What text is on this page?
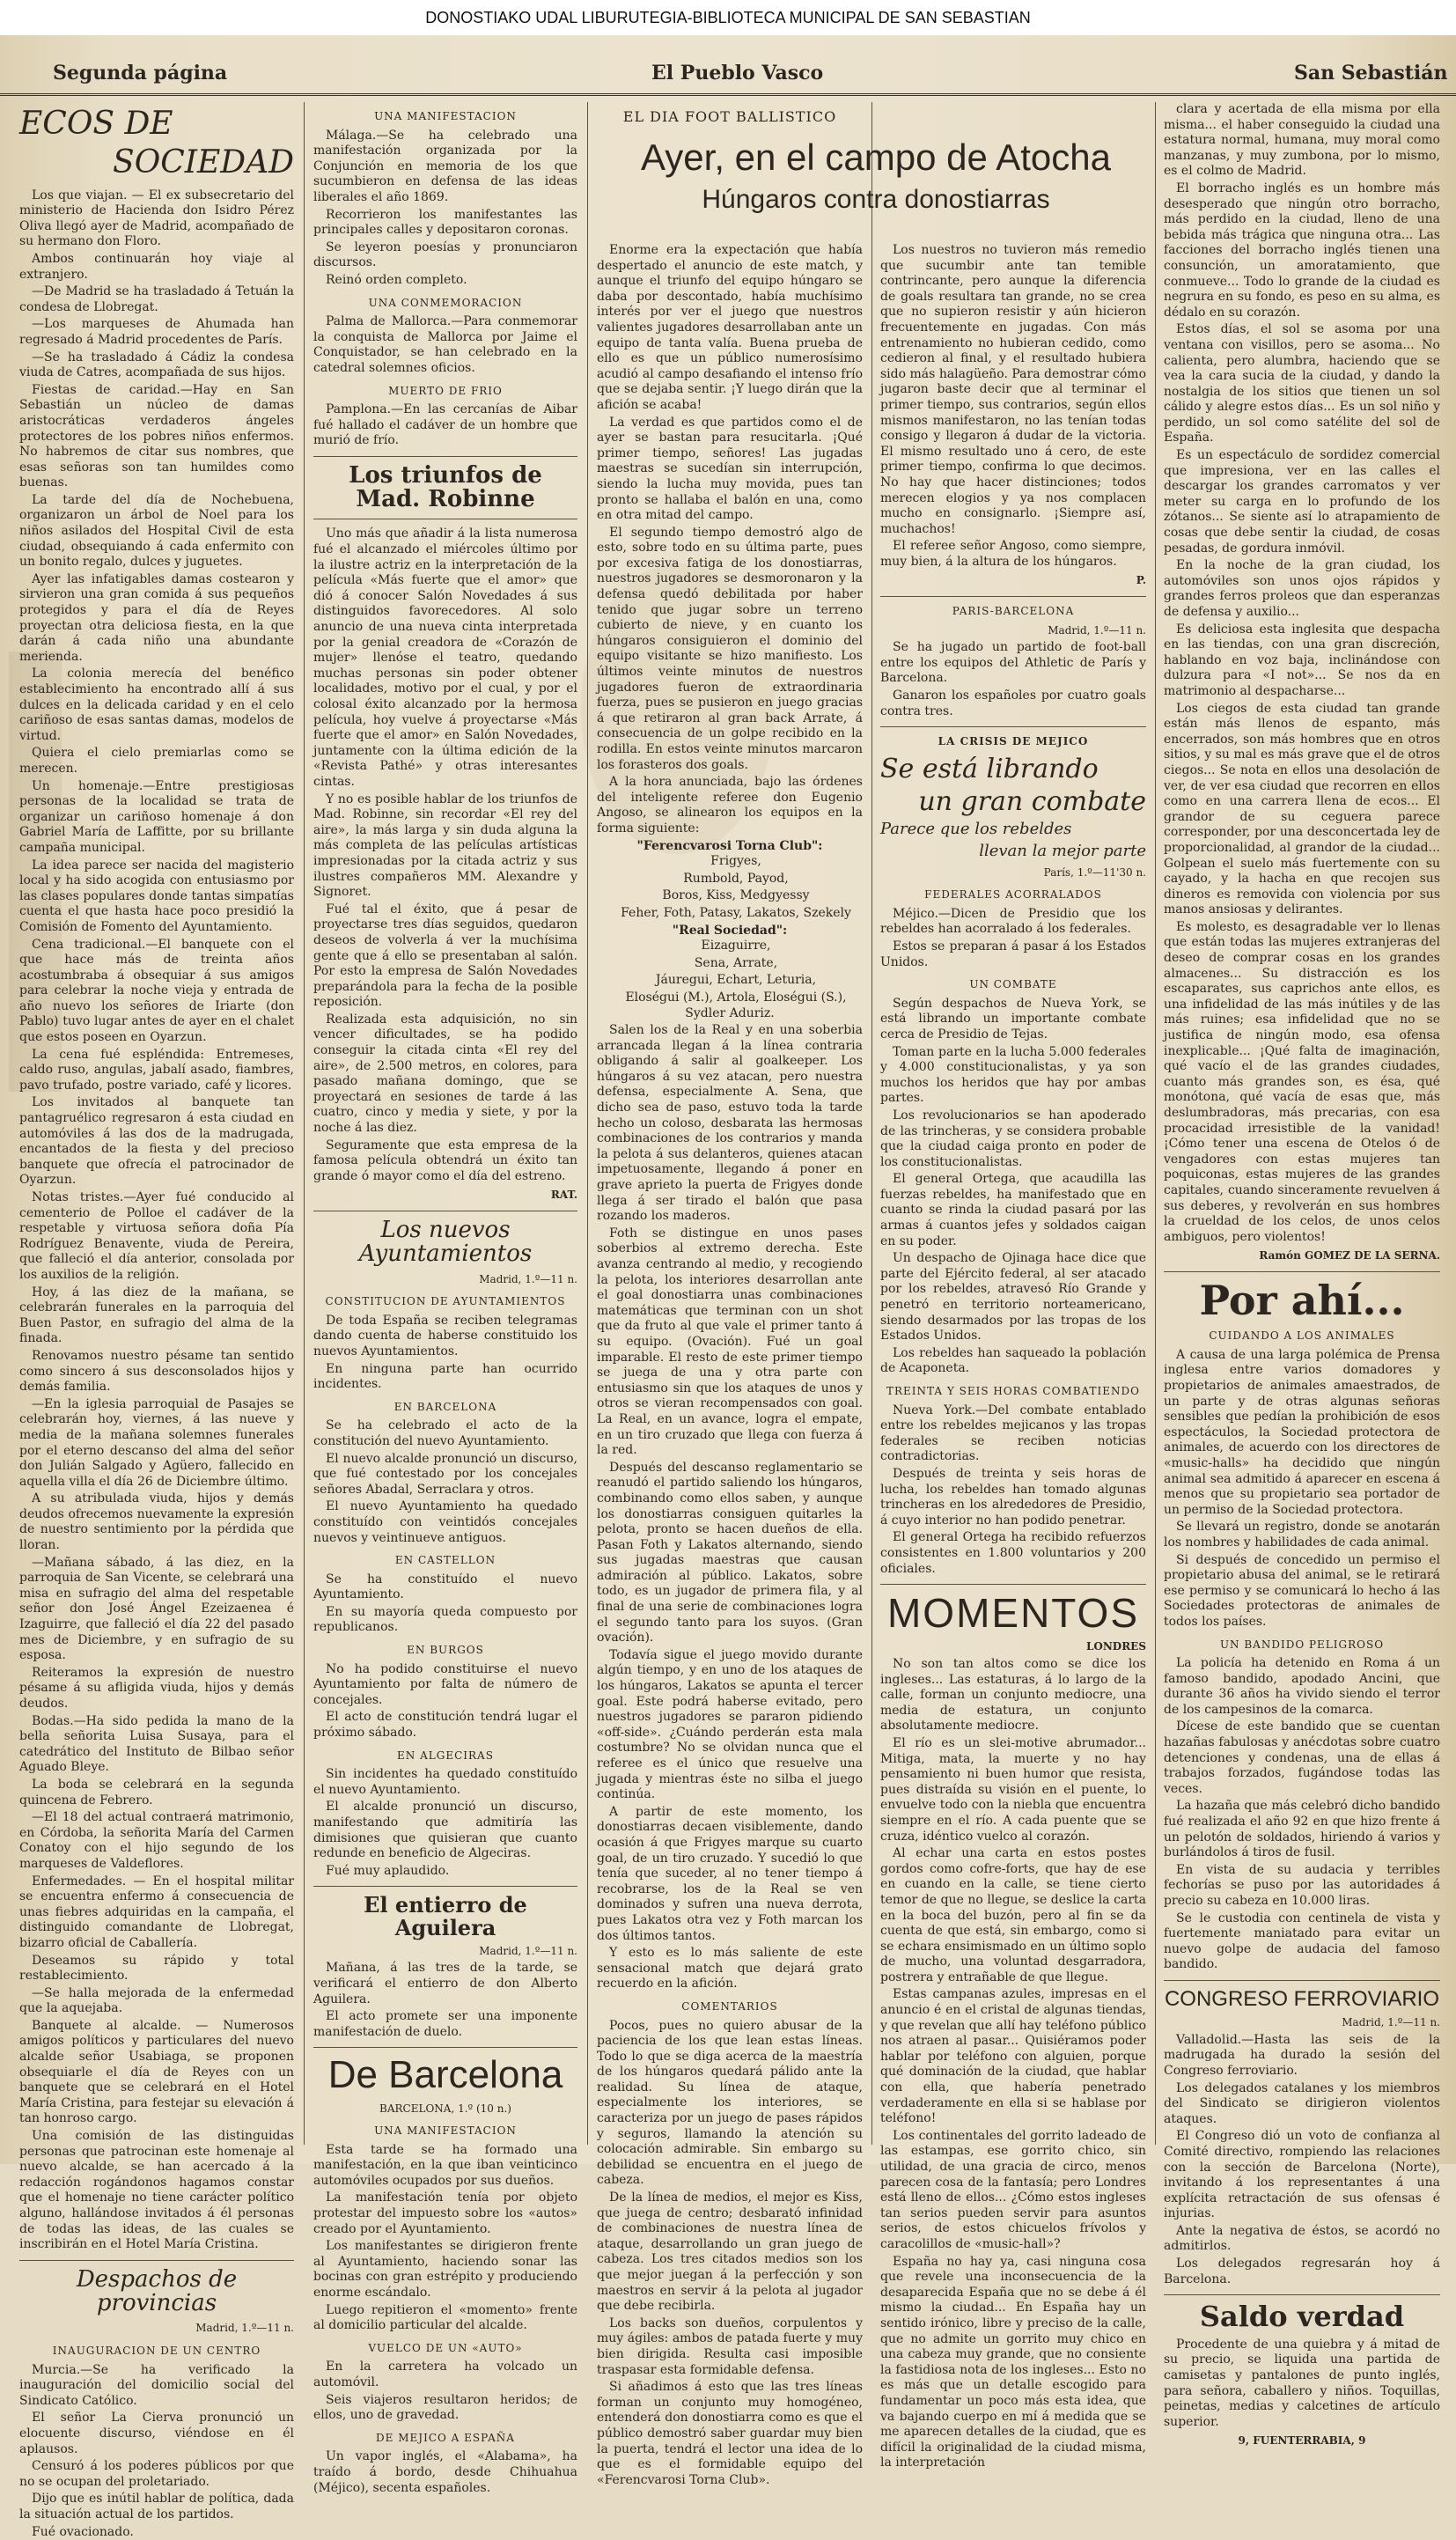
DONOSTIAKO UDAL LIBURUTEGIA-BIBLIOTECA MUNICIPAL DE SAN SEBASTIAN
Segunda página	El Pueblo Vasco	San Sebastián
ECOS DE
SOCIEDAD

Los que viajan. — El ex subsecretario del ministerio de Hacienda don Isidro Pérez Oliva llegó ayer de Madrid, acompañado de su hermano don Floro.

Ambos continuarán hoy viaje al extranjero.

—De Madrid se ha trasladado á Tetuán la condesa de Llobregat.

—Los marqueses de Ahumada han regresado á Madrid procedentes de París.

—Se ha trasladado á Cádiz la condesa viuda de Catres, acompañada de sus hijos.

Fiestas de caridad.—Hay en San Sebastián un núcleo de damas aristocráticas verdaderos ángeles protectores de los pobres niños enfermos. No habremos de citar sus nombres, que esas señoras son tan humildes como buenas.

La tarde del día de Nochebuena, organizaron un árbol de Noel para los niños asilados del Hospital Civil de esta ciudad, obsequiando á cada enfermito con un bonito regalo, dulces y juguetes.

Ayer las infatigables damas costearon y sirvieron una gran comida á sus pequeños protegidos y para el día de Reyes proyectan otra deliciosa fiesta, en la que darán á cada niño una abundante merienda.

La colonia merecía del benéfico establecimiento ha encontrado allí á sus dulces en la delicada caridad y en el celo cariñoso de esas santas damas, modelos de virtud.

Quiera el cielo premiarlas como se merecen.

Un homenaje.—Entre prestigiosas personas de la localidad se trata de organizar un cariñoso homenaje á don Gabriel María de Laffitte, por su brillante campaña municipal.

La idea parece ser nacida del magisterio local y ha sido acogida con entusiasmo por las clases populares donde tantas simpatías cuenta el que hasta hace poco presidió la Comisión de Fomento del Ayuntamiento.

Cena tradicional.—El banquete con el que hace más de treinta años acostumbraba á obsequiar á sus amigos para celebrar la noche vieja y entrada de año nuevo los señores de Iriarte (don Pablo) tuvo lugar antes de ayer en el chalet que estos poseen en Oyarzun.

La cena fué espléndida: Entremeses, caldo ruso, angulas, jabalí asado, fiambres, pavo trufado, postre variado, café y licores.

Los invitados al banquete tan pantagruélico regresaron á esta ciudad en automóviles á las dos de la madrugada, encantados de la fiesta y del precioso banquete que ofrecía el patrocinador de Oyarzun.

Notas tristes.—Ayer fué conducido al cementerio de Polloe el cadáver de la respetable y virtuosa señora doña Pía Rodríguez Benavente, viuda de Pereira, que falleció el día anterior, consolada por los auxilios de la religión.

Hoy, á las diez de la mañana, se celebrarán funerales en la parroquia del Buen Pastor, en sufragio del alma de la finada.

Renovamos nuestro pésame tan sentido como sincero á sus desconsolados hijos y demás familia.

—En la iglesia parroquial de Pasajes se celebrarán hoy, viernes, á las nueve y media de la mañana solemnes funerales por el eterno descanso del alma del señor don Julián Salgado y Agüero, fallecido en aquella villa el día 26 de Diciembre último.

A su atribulada viuda, hijos y demás deudos ofrecemos nuevamente la expresión de nuestro sentimiento por la pérdida que lloran.

—Mañana sábado, á las diez, en la parroquia de San Vicente, se celebrará una misa en sufragio del alma del respetable señor don José Ángel Ezeizaenea é Izaguirre, que falleció el día 22 del pasado mes de Diciembre, y en sufragio de su esposa.

Reiteramos la expresión de nuestro pésame á su afligida viuda, hijos y demás deudos.

Bodas.—Ha sido pedida la mano de la bella señorita Luisa Susaya, para el catedrático del Instituto de Bilbao señor Aguado Bleye.

La boda se celebrará en la segunda quincena de Febrero.

—El 18 del actual contraerá matrimonio, en Córdoba, la señorita María del Carmen Conatoy con el hijo segundo de los marqueses de Valdeflores.

Enfermedades. — En el hospital militar se encuentra enfermo á consecuencia de unas fiebres adquiridas en la campaña, el distinguido comandante de Llobregat, bizarro oficial de Caballería.

Deseamos su rápido y total restablecimiento.

—Se halla mejorada de la enfermedad que la aquejaba.

Banquete al alcalde. — Numerosos amigos políticos y particulares del nuevo alcalde señor Usabiaga, se proponen obsequiarle el día de Reyes con un banquete que se celebrará en el Hotel María Cristina, para festejar su elevación á tan honroso cargo.

Una comisión de las distinguidas personas que patrocinan este homenaje al nuevo alcalde, se han acercado á la redacción rogándonos hagamos constar que el homenaje no tiene carácter político alguno, hallándose invitados á él personas de todas las ideas, de las cuales se inscribirán en el Hotel María Cristina.

Despachos de provincias
Madrid, 1.º—11 n.
INAUGURACION DE UN CENTRO

Murcia.—Se ha verificado la inauguración del domicilio social del Sindicato Católico.

El señor La Cierva pronunció un elocuente discurso, viéndose en él aplausos.

Censuró á los poderes públicos por que no se ocupan del proletariado.

Dijo que es inútil hablar de política, dada la situación actual de los partidos.

Fué ovacionado.

UNA MANIFESTACION

Málaga.—Se ha celebrado una manifestación organizada por la Conjunción en memoria de los que sucumbieron en defensa de las ideas liberales el año 1869.

Recorrieron los manifestantes las principales calles y depositaron coronas.

Se leyeron poesías y pronunciaron discursos.

Reinó orden completo.

UNA CONMEMORACION

Palma de Mallorca.—Para conmemorar la conquista de Mallorca por Jaime el Conquistador, se han celebrado en la catedral solemnes oficios.

MUERTO DE FRIO

Pamplona.—En las cercanías de Aibar fué hallado el cadáver de un hombre que murió de frío.

Los triunfos de Mad. Robinne

Uno más que añadir á la lista numerosa fué el alcanzado el miércoles último por la ilustre actriz en la interpretación de la película «Más fuerte que el amor» que dió á conocer Salón Novedades á sus distinguidos favorecedores. Al solo anuncio de una nueva cinta interpretada por la genial creadora de «Corazón de mujer» llenóse el teatro, quedando muchas personas sin poder obtener localidades, motivo por el cual, y por el colosal éxito alcanzado por la hermosa película, hoy vuelve á proyectarse «Más fuerte que el amor» en Salón Novedades, juntamente con la última edición de la «Revista Pathé» y otras interesantes cintas.

Y no es posible hablar de los triunfos de Mad. Robinne, sin recordar «El rey del aire», la más larga y sin duda alguna la más completa de las películas artísticas impresionadas por la citada actriz y sus ilustres compañeros MM. Alexandre y Signoret.

Fué tal el éxito, que á pesar de proyectarse tres días seguidos, quedaron deseos de volverla á ver la muchísima gente que á ello se presentaban al salón. Por esto la empresa de Salón Novedades preparándola para la fecha de la posible reposición.

Realizada esta adquisición, no sin vencer dificultades, se ha podido conseguir la citada cinta «El rey del aire», de 2.500 metros, en colores, para pasado mañana domingo, que se proyectará en sesiones de tarde á las cuatro, cinco y media y siete, y por la noche á las diez.

Seguramente que esta empresa de la famosa película obtendrá un éxito tan grande ó mayor como el día del estreno.

RAT.
Los nuevos Ayuntamientos
Madrid, 1.º—11 n.
CONSTITUCION DE AYUNTAMIENTOS

De toda España se reciben telegramas dando cuenta de haberse constituido los nuevos Ayuntamientos.

En ninguna parte han ocurrido incidentes.

EN BARCELONA

Se ha celebrado el acto de la constitución del nuevo Ayuntamiento.

El nuevo alcalde pronunció un discurso, que fué contestado por los concejales señores Abadal, Serraclara y otros.

El nuevo Ayuntamiento ha quedado constituído con veintidós concejales nuevos y veintinueve antiguos.

EN CASTELLON

Se ha constituído el nuevo Ayuntamiento.

En su mayoría queda compuesto por republicanos.

EN BURGOS

No ha podido constituirse el nuevo Ayuntamiento por falta de número de concejales.

El acto de constitución tendrá lugar el próximo sábado.

EN ALGECIRAS

Sin incidentes ha quedado constituído el nuevo Ayuntamiento.

El alcalde pronunció un discurso, manifestando que admitiría las dimisiones que quisieran que cuanto redunde en beneficio de Algeciras.

Fué muy aplaudido.

El entierro de Aguilera
Madrid, 1.º—11 n.

Mañana, á las tres de la tarde, se verificará el entierro de don Alberto Aguilera.

El acto promete ser una imponente manifestación de duelo.

De Barcelona
BARCELONA, 1.º (10 n.)
UNA MANIFESTACION

Esta tarde se ha formado una manifestación, en la que iban veinticinco automóviles ocupados por sus dueños.

La manifestación tenía por objeto protestar del impuesto sobre los «autos» creado por el Ayuntamiento.

Los manifestantes se dirigieron frente al Ayuntamiento, haciendo sonar las bocinas con gran estrépito y produciendo enorme escándalo.

Luego repitieron el «momento» frente al domicilio particular del alcalde.

VUELCO DE UN «AUTO»

En la carretera ha volcado un automóvil.

Seis viajeros resultaron heridos; de ellos, uno de gravedad.

DE MEJICO A ESPAÑA

Un vapor inglés, el «Alabama», ha traído á bordo, desde Chihuahua (Méjico), secenta españoles.

EL DIA FOOT BALLISTICO
Ayer, en el campo de Atocha
Húngaros contra donostiarras

Enorme era la expectación que había despertado el anuncio de este match, y aunque el triunfo del equipo húngaro se daba por descontado, había muchísimo interés por ver el juego que nuestros valientes jugadores desarrollaban ante un equipo de tanta valía. Buena prueba de ello es que un público numerosísimo acudió al campo desafiando el intenso frío que se dejaba sentir. ¡Y luego dirán que la afición se acaba!

La verdad es que partidos como el de ayer se bastan para resucitarla. ¡Qué primer tiempo, señores! Las jugadas maestras se sucedían sin interrupción, siendo la lucha muy movida, pues tan pronto se hallaba el balón en una, como en otra mitad del campo.

El segundo tiempo demostró algo de esto, sobre todo en su última parte, pues por excesiva fatiga de los donostiarras, nuestros jugadores se desmoronaron y la defensa quedó debilitada por haber tenido que jugar sobre un terreno cubierto de nieve, y en cuanto los húngaros consiguieron el dominio del equipo visitante se hizo manifiesto. Los últimos veinte minutos de nuestros jugadores fueron de extraordinaria fuerza, pues se pusieron en juego gracias á que retiraron al gran back Arrate, á consecuencia de un golpe recibido en la rodilla. En estos veinte minutos marcaron los forasteros dos goals.

A la hora anunciada, bajo las órdenes del inteligente referee don Eugenio Angoso, se alinearon los equipos en la forma siguiente:

"Ferencvarosi Torna Club":

Frigyes,

Rumbold, Payod,

Boros, Kiss, Medgyessy

Feher, Foth, Patasy, Lakatos, Szekely

"Real Sociedad":

Eizaguirre,

Sena, Arrate,

Jáuregui, Echart, Leturia,

Eloségui (M.), Artola, Eloségui (S.), Sydler Aduriz.

Salen los de la Real y en una soberbia arrancada llegan á la línea contraria obligando á salir al goalkeeper. Los húngaros á su vez atacan, pero nuestra defensa, especialmente A. Sena, que dicho sea de paso, estuvo toda la tarde hecho un coloso, desbarata las hermosas combinaciones de los contrarios y manda la pelota á sus delanteros, quienes atacan impetuosamente, llegando á poner en grave aprieto la puerta de Frigyes donde llega á ser tirado el balón que pasa rozando los maderos.

Foth se distingue en unos pases soberbios al extremo derecha. Este avanza centrando al medio, y recogiendo la pelota, los interiores desarrollan ante el goal donostiarra unas combinaciones matemáticas que terminan con un shot que da fruto al que vale el primer tanto á su equipo. (Ovación). Fué un goal imparable. El resto de este primer tiempo se juega de una y otra parte con entusiasmo sin que los ataques de unos y otros se vieran recompensados con goal. La Real, en un avance, logra el empate, en un tiro cruzado que llega con fuerza á la red.

Después del descanso reglamentario se reanudó el partido saliendo los húngaros, combinando como ellos saben, y aunque los donostiarras consiguen quitarles la pelota, pronto se hacen dueños de ella. Pasan Foth y Lakatos alternando, siendo sus jugadas maestras que causan admiración al público. Lakatos, sobre todo, es un jugador de primera fila, y al final de una serie de combinaciones logra el segundo tanto para los suyos. (Gran ovación).

Todavía sigue el juego movido durante algún tiempo, y en uno de los ataques de los húngaros, Lakatos se apunta el tercer goal. Este podrá haberse evitado, pero nuestros jugadores se pararon pidiendo «off-side». ¿Cuándo perderán esta mala costumbre? No se olvidan nunca que el referee es el único que resuelve una jugada y mientras éste no silba el juego continúa.

A partir de este momento, los donostiarras decaen visiblemente, dando ocasión á que Frigyes marque su cuarto goal, de un tiro cruzado. Y sucedió lo que tenía que suceder, al no tener tiempo á recobrarse, los de la Real se ven dominados y sufren una nueva derrota, pues Lakatos otra vez y Foth marcan los dos últimos tantos.

Y esto es lo más saliente de este sensacional match que dejará grato recuerdo en la afición.

COMENTARIOS

Pocos, pues no quiero abusar de la paciencia de los que lean estas líneas. Todo lo que se diga acerca de la maestría de los húngaros quedará pálido ante la realidad. Su línea de ataque, especialmente los interiores, se caracteriza por un juego de pases rápidos y seguros, llamando la atención su colocación admirable. Sin embargo su debilidad se encuentra en el juego de cabeza.

De la línea de medios, el mejor es Kiss, que juega de centro; desbarató infinidad de combinaciones de nuestra línea de ataque, desarrollando un gran juego de cabeza. Los tres citados medios son los que mejor juegan á la perfección y son maestros en servir á la pelota al jugador que debe recibirla.

Los backs son dueños, corpulentos y muy ágiles: ambos de patada fuerte y muy bien dirigida. Resulta casi imposible traspasar esta formidable defensa.

Si añadimos á esto que las tres líneas forman un conjunto muy homogéneo, entenderá don donostiarra como es que el público demostró saber guardar muy bien la puerta, tendrá el lector una idea de lo que es el formidable equipo del «Ferencvarosi Torna Club».

Los nuestros no tuvieron más remedio que sucumbir ante tan temible contrincante, pero aunque la diferencia de goals resultara tan grande, no se crea que no supieron resistir y aún hicieron frecuentemente en jugadas. Con más entrenamiento no hubieran cedido, como cedieron al final, y el resultado hubiera sido más halagüeño. Para demostrar cómo jugaron baste decir que al terminar el primer tiempo, sus contrarios, según ellos mismos manifestaron, no las tenían todas consigo y llegaron á dudar de la victoria. El mismo resultado uno á cero, de este primer tiempo, confirma lo que decimos. No hay que hacer distinciones; todos merecen elogios y ya nos complacen mucho en consignarlo. ¡Siempre así, muchachos!

El referee señor Angoso, como siempre, muy bien, á la altura de los húngaros.

P.
PARIS-BARCELONA
Madrid, 1.º—11 n.

Se ha jugado un partido de foot-ball entre los equipos del Athletic de París y Barcelona.

Ganaron los españoles por cuatro goals contra tres.

LA CRISIS DE MEJICO
Se está librando
un gran combate
Parece que los rebeldes
llevan la mejor parte
París, 1.º—11'30 n.
FEDERALES ACORRALADOS

Méjico.—Dicen de Presidio que los rebeldes han acorralado á los federales.

Estos se preparan á pasar á los Estados Unidos.

UN COMBATE

Según despachos de Nueva York, se está librando un importante combate cerca de Presidio de Tejas.

Toman parte en la lucha 5.000 federales y 4.000 constitucionalistas, y ya son muchos los heridos que hay por ambas partes.

Los revolucionarios se han apoderado de las trincheras, y se considera probable que la ciudad caiga pronto en poder de los constitucionalistas.

El general Ortega, que acaudilla las fuerzas rebeldes, ha manifestado que en cuanto se rinda la ciudad pasará por las armas á cuantos jefes y soldados caigan en su poder.

Un despacho de Ojinaga hace dice que parte del Ejército federal, al ser atacado por los rebeldes, atravesó Río Grande y penetró en territorio norteamericano, siendo desarmados por las tropas de los Estados Unidos.

Los rebeldes han saqueado la población de Acaponeta.

TREINTA Y SEIS HORAS COMBATIENDO

Nueva York.—Del combate entablado entre los rebeldes mejicanos y las tropas federales se reciben noticias contradictorias.

Después de treinta y seis horas de lucha, los rebeldes han tomado algunas trincheras en los alrededores de Presidio, á cuyo interior no han podido penetrar.

El general Ortega ha recibido refuerzos consistentes en 1.800 voluntarios y 200 oficiales.

MOMENTOS
LONDRES

No son tan altos como se dice los ingleses... Las estaturas, á lo largo de la calle, forman un conjunto mediocre, una media de estatura, un conjunto absolutamente mediocre.

El río es un slei-motive abrumador... Mitiga, mata, la muerte y no hay pensamiento ni buen humor que resista, pues distraída su visión en el puente, lo envuelve todo con la niebla que encuentra siempre en el río. A cada puente que se cruza, idéntico vuelco al corazón.

Al echar una carta en estos postes gordos como cofre-forts, que hay de ese en cuando en la calle, se tiene cierto temor de que no llegue, se deslice la carta en la boca del buzón, pero al fin se da cuenta de que está, sin embargo, como si se echara ensimismado en un último soplo de mucho, una voluntad desgarradora, postrera y entrañable de que llegue.

Estas campanas azules, impresas en el anuncio é en el cristal de algunas tiendas, y que revelan que allí hay teléfono público nos atraen al pasar... Quisiéramos poder hablar por teléfono con alguien, porque qué dominación de la ciudad, que hablar con ella, que habería penetrado verdaderamente en ella si se hablase por teléfono!

Los continentales del gorrito ladeado de las estampas, ese gorrito chico, sin utilidad, de una gracia de circo, menos parecen cosa de la fantasía; pero Londres está lleno de ellos... ¿Cómo estos ingleses tan serios pueden servir para asuntos serios, de estos chicuelos frívolos y caracolillos de «music-hall»?

España no hay ya, casi ninguna cosa que revele una inconsecuencia de la desaparecida España que no se debe á él mismo la ciudad... En España hay un sentido irónico, libre y preciso de la calle, que no admite un gorrito muy chico en una cabeza muy grande, que no consiente la fastidiosa nota de los ingleses... Esto no es más que un detalle escogido para fundamentar un poco más esta idea, que va bajando cuerpo en mí á medida que se me aparecen detalles de la ciudad, que es difícil la originalidad de la ciudad misma, la interpretación

clara y acertada de ella misma por ella misma... el haber conseguido la ciudad una estatura normal, humana, muy moral como manzanas, y muy zumbona, por lo mismo, es el colmo de Madrid.

El borracho inglés es un hombre más desesperado que ningún otro borracho, más perdido en la ciudad, lleno de una bebida más trágica que ninguna otra... Las facciones del borracho inglés tienen una consunción, un amoratamiento, que conmueve... Todo lo grande de la ciudad es negrura en su fondo, es peso en su alma, es dédalo en su corazón.

Estos días, el sol se asoma por una ventana con visillos, pero se asoma... No calienta, pero alumbra, haciendo que se vea la cara sucia de la ciudad, y dando la nostalgia de los sitios que tienen un sol cálido y alegre estos días... Es un sol niño y perdido, un sol como satélite del sol de España.

Es un espectáculo de sordidez comercial que impresiona, ver en las calles el descargar los grandes carromatos y ver meter su carga en lo profundo de los zótanos... Se siente así lo atrapamiento de cosas que debe sentir la ciudad, de cosas pesadas, de gordura inmóvil.

En la noche de la gran ciudad, los automóviles son unos ojos rápidos y grandes ferros proleos que dan esperanzas de defensa y auxilio...

Es deliciosa esta inglesita que despacha en las tiendas, con una gran discreción, hablando en voz baja, inclinándose con dulzura para «I not»... Se nos da en matrimonio al despacharse...

Los ciegos de esta ciudad tan grande están más llenos de espanto, más encerrados, son más hombres que en otros sitios, y su mal es más grave que el de otros ciegos... Se nota en ellos una desolación de ver, de ver esa ciudad que recorren en ellos como en una carrera llena de ecos... El grandor de su ceguera parece corresponder, por una desconcertada ley de proporcionalidad, al grandor de la ciudad... Golpean el suelo más fuertemente con su cayado, y la hacha en que recojen sus dineros es removida con violencia por sus manos ansiosas y delirantes.

Es molesto, es desagradable ver lo llenas que están todas las mujeres extranjeras del deseo de comprar cosas en los grandes almacenes... Su distracción es los escaparates, sus caprichos ante ellos, es una infidelidad de las más inútiles y de las más ruines; esa infidelidad que no se justifica de ningún modo, esa ofensa inexplicable... ¡Qué falta de imaginación, qué vacío el de las grandes ciudades, cuanto más grandes son, es ésa, qué monótona, qué vacía de esas que, más deslumbradoras, más precarias, con esa procacidad irresistible de la vanidad! ¡Cómo tener una escena de Otelos ó de vengadores con estas mujeres tan poquiconas, estas mujeres de las grandes capitales, cuando sinceramente revuelven á sus deberes, y revolverán en sus hombres la crueldad de los celos, de unos celos ambiguos, pero violentos!

Ramón GOMEZ DE LA SERNA.
Por ahí...
CUIDANDO A LOS ANIMALES

A causa de una larga polémica de Prensa inglesa entre varios domadores y propietarios de animales amaestrados, de un parte y de otras algunas señoras sensibles que pedían la prohibición de esos espectáculos, la Sociedad protectora de animales, de acuerdo con los directores de «music-halls» ha decidido que ningún animal sea admitido á aparecer en escena á menos que su propietario sea portador de un permiso de la Sociedad protectora.

Se llevará un registro, donde se anotarán los nombres y habilidades de cada animal.

Si después de concedido un permiso el propietario abusa del animal, se le retirará ese permiso y se comunicará lo hecho á las Sociedades protectoras de animales de todos los países.

UN BANDIDO PELIGROSO

La policía ha detenido en Roma á un famoso bandido, apodado Ancini, que durante 36 años ha vivido siendo el terror de los campesinos de la comarca.

Dícese de este bandido que se cuentan hazañas fabulosas y anécdotas sobre cuatro detenciones y condenas, una de ellas á trabajos forzados, fugándose todas las veces.

La hazaña que más celebró dicho bandido fué realizada el año 92 en que hizo frente á un pelotón de soldados, hiriendo á varios y burlándolos á tiros de fusil.

En vista de su audacia y terribles fechorías se puso por las autoridades á precio su cabeza en 10.000 liras.

Se le custodia con centinela de vista y fuertemente maniatado para evitar un nuevo golpe de audacia del famoso bandido.

CONGRESO FERROVIARIO
Madrid, 1.º—11 n.

Valladolid.—Hasta las seis de la madrugada ha durado la sesión del Congreso ferroviario.

Los delegados catalanes y los miembros del Sindicato se dirigieron violentos ataques.

El Congreso dió un voto de confianza al Comité directivo, rompiendo las relaciones con la sección de Barcelona (Norte), invitando á los representantes á una explícita retractación de sus ofensas é injurias.

Ante la negativa de éstos, se acordó no admitirlos.

Los delegados regresarán hoy á Barcelona.

Saldo verdad

Procedente de una quiebra y á mitad de su precio, se liquida una partida de camisetas y pantalones de punto inglés, para señora, caballero y niños. Toquillas, peinetas, medias y calcetines de artículo superior.

9, FUENTERRABIA, 9
